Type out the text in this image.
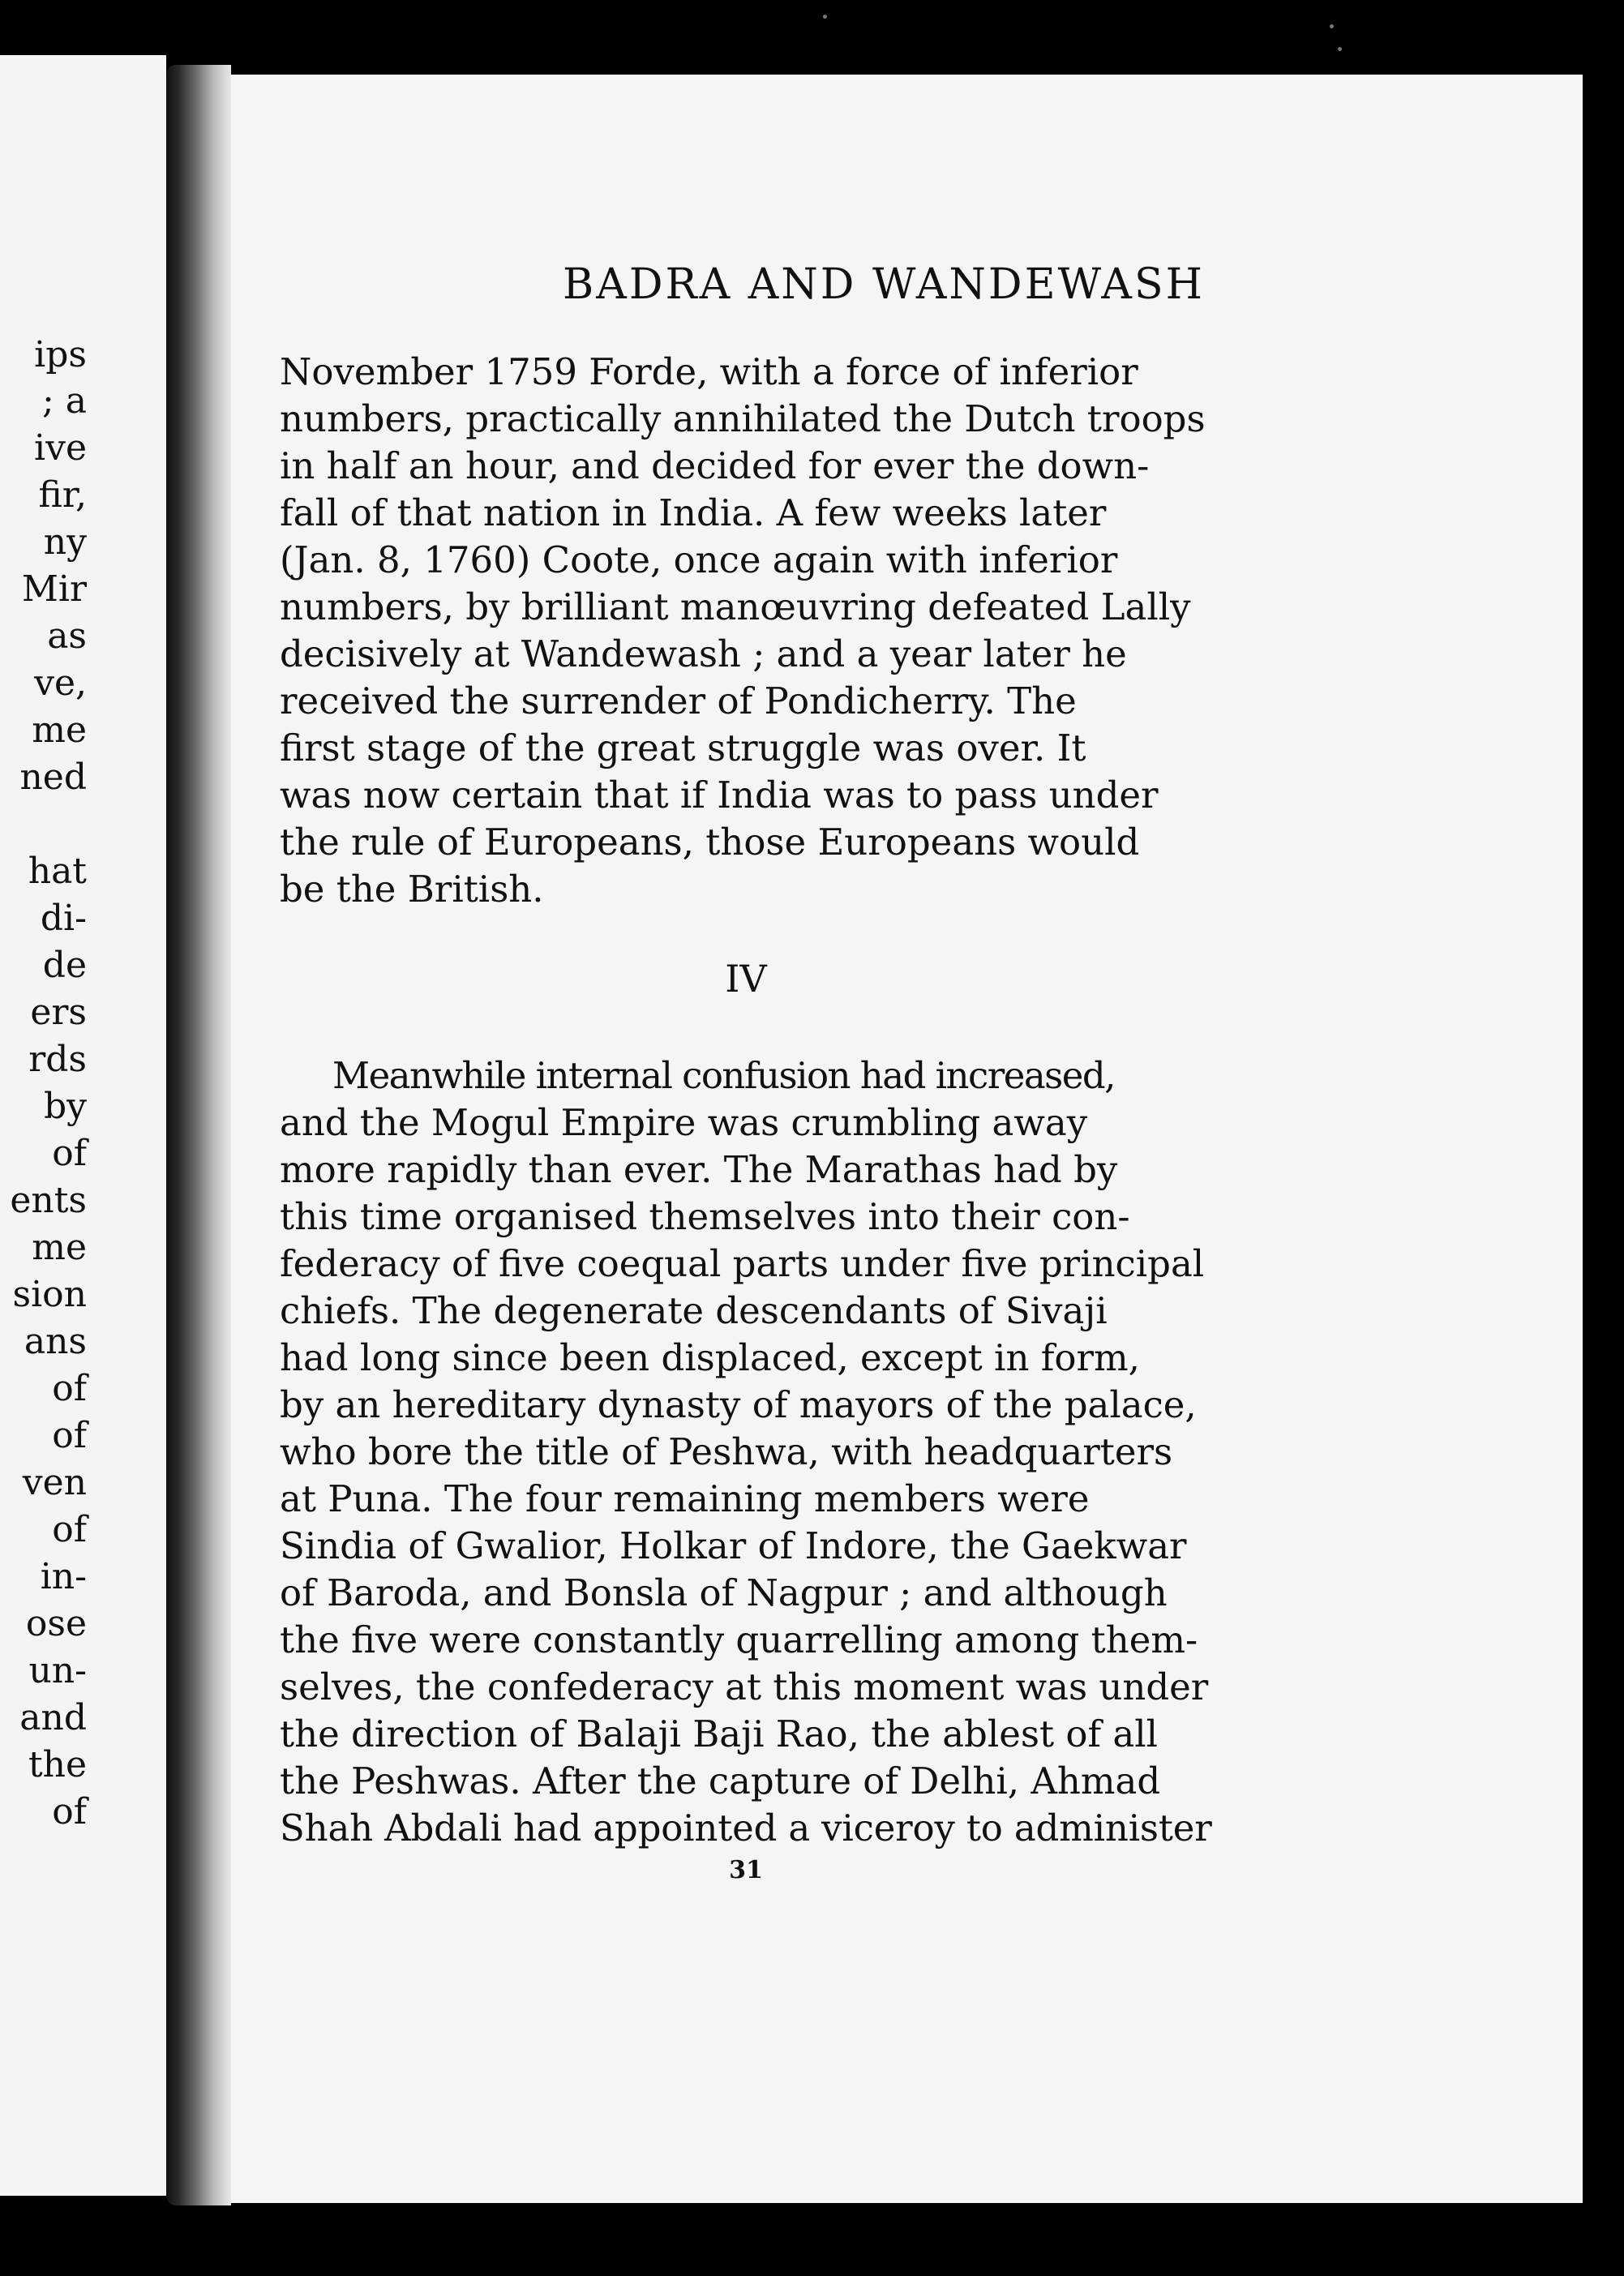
ips
; a
ive
fir,
ny
Mir
as
ve,
me
ned
hat
di-
de
ers
rds
by
of
ents
me
sion
ans
of
of
ven
of
in-
ose
un-
and
the
of
BADRA AND WANDEWASH
November 1759 Forde, with a force of inferior
numbers, practically annihilated the Dutch troops
in half an hour, and decided for ever the down-
fall of that nation in India. A few weeks later
(Jan. 8, 1760) Coote, once again with inferior
numbers, by brilliant manœuvring defeated Lally
decisively at Wandewash ; and a year later he
received the surrender of Pondicherry. The
first stage of the great struggle was over. It
was now certain that if India was to pass under
the rule of Europeans, those Europeans would
be the British.
IV
Meanwhile internal confusion had increased,
and the Mogul Empire was crumbling away
more rapidly than ever. The Marathas had by
this time organised themselves into their con-
federacy of five coequal parts under five principal
chiefs. The degenerate descendants of Sivaji
had long since been displaced, except in form,
by an hereditary dynasty of mayors of the palace,
who bore the title of Peshwa, with headquarters
at Puna. The four remaining members were
Sindia of Gwalior, Holkar of Indore, the Gaekwar
of Baroda, and Bonsla of Nagpur ; and although
the five were constantly quarrelling among them-
selves, the confederacy at this moment was under
the direction of Balaji Baji Rao, the ablest of all
the Peshwas. After the capture of Delhi, Ahmad
Shah Abdali had appointed a viceroy to administer
31
